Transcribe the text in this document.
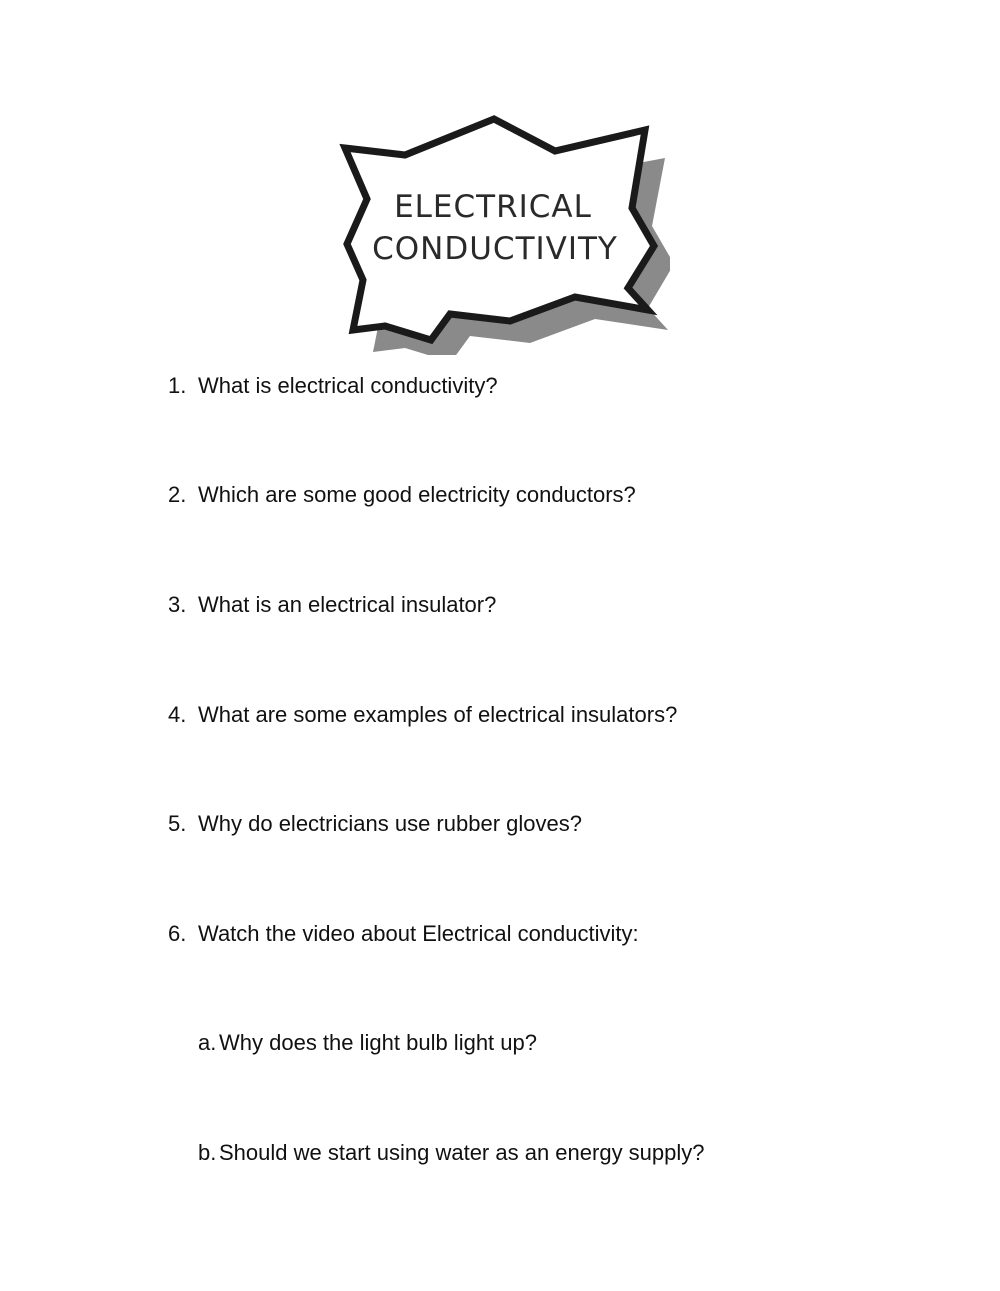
ELECTRICAL
CONDUCTIVITY
1. What is electrical conductivity?
2. Which are some good electricity conductors?
3. What is an electrical insulator?
4. What are some examples of electrical insulators?
5. Why do electricians use rubber gloves?
6. Watch the video about Electrical conductivity:
a. Why does the light bulb light up?
b. Should we start using water as an energy supply?
